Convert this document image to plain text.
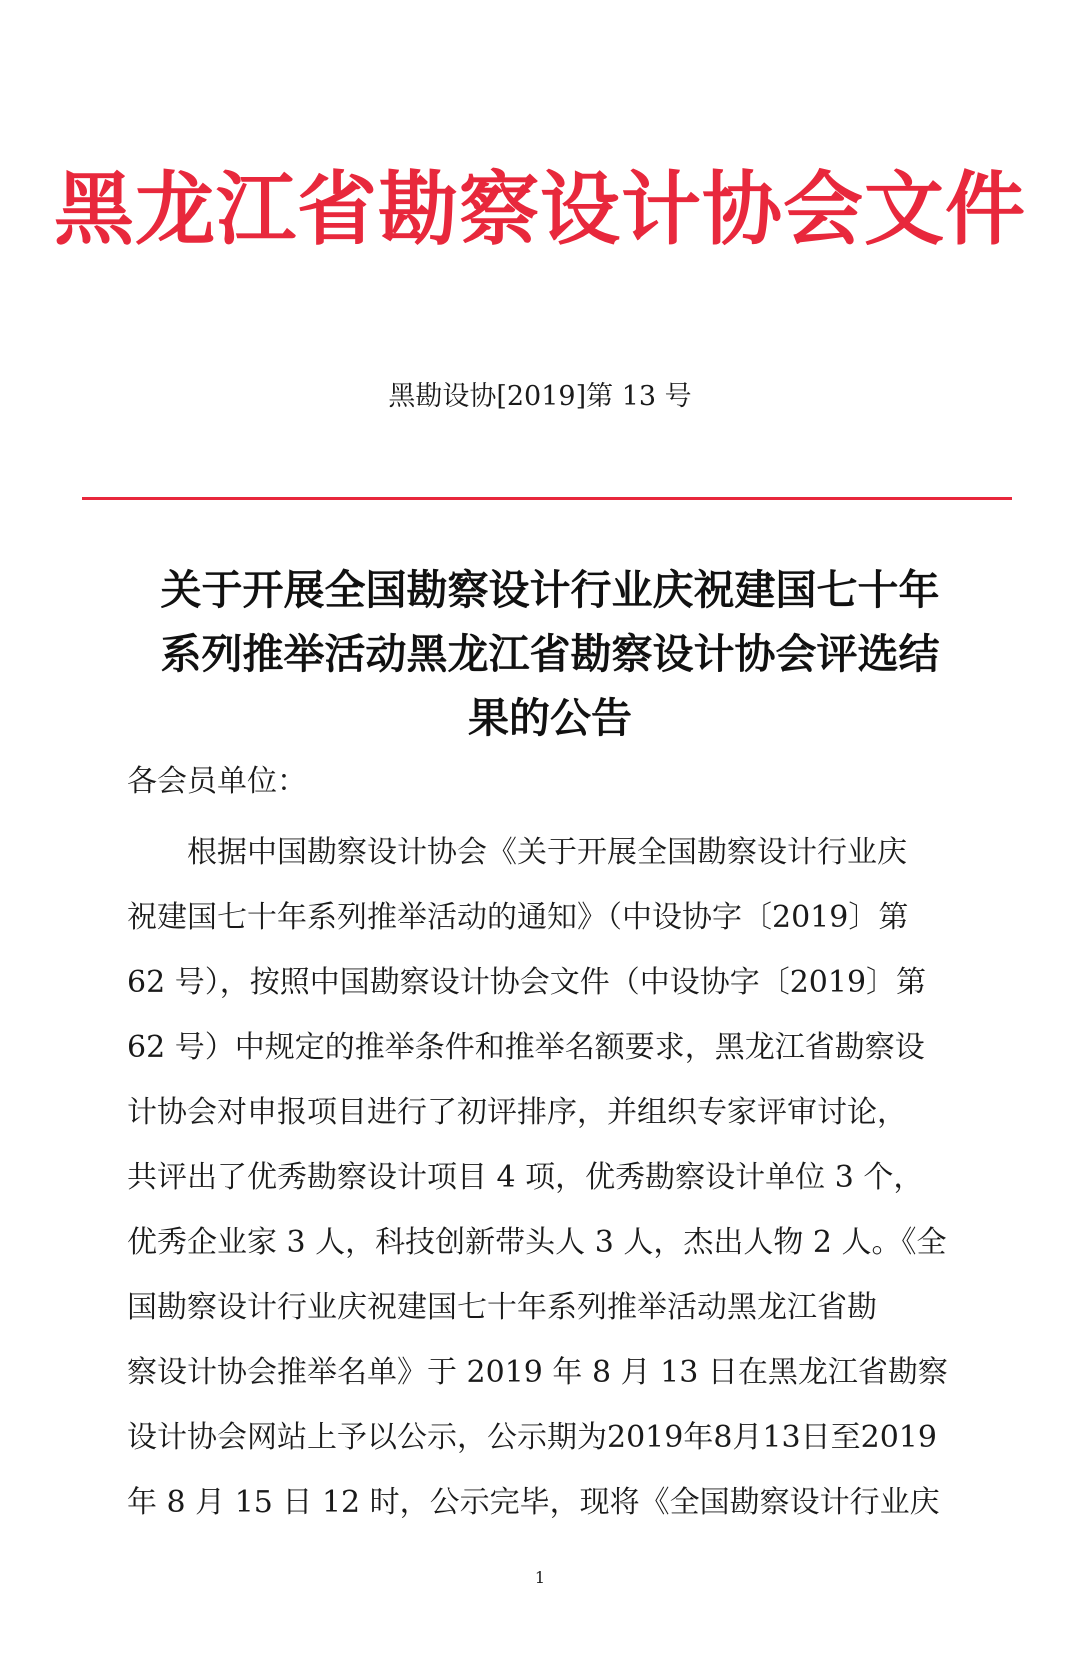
黑龙江省勘察设计协会文件
黑勘设协[2019]第 13 号
关于开展全国勘察设计行业庆祝建国七十年
系列推举活动黑龙江省勘察设计协会评选结
果的公告
各会员单位：
　　根据中国勘察设计协会《关于开展全国勘察设计行业庆
祝建国七十年系列推举活动的通知》（中设协字〔2019〕第
62 号），按照中国勘察设计协会文件（中设协字〔2019〕第
62 号）中规定的推举条件和推举名额要求，黑龙江省勘察设
计协会对申报项目进行了初评排序，并组织专家评审讨论，
共评出了优秀勘察设计项目 4 项，优秀勘察设计单位 3 个，
优秀企业家 3 人，科技创新带头人 3 人，杰出人物 2 人。《全
国勘察设计行业庆祝建国七十年系列推举活动黑龙江省勘
察设计协会推举名单》于 2019 年 8 月 13 日在黑龙江省勘察
设计协会网站上予以公示，公示期为2019年8月13日至2019
年 8 月 15 日 12 时，公示完毕，现将《全国勘察设计行业庆
1
